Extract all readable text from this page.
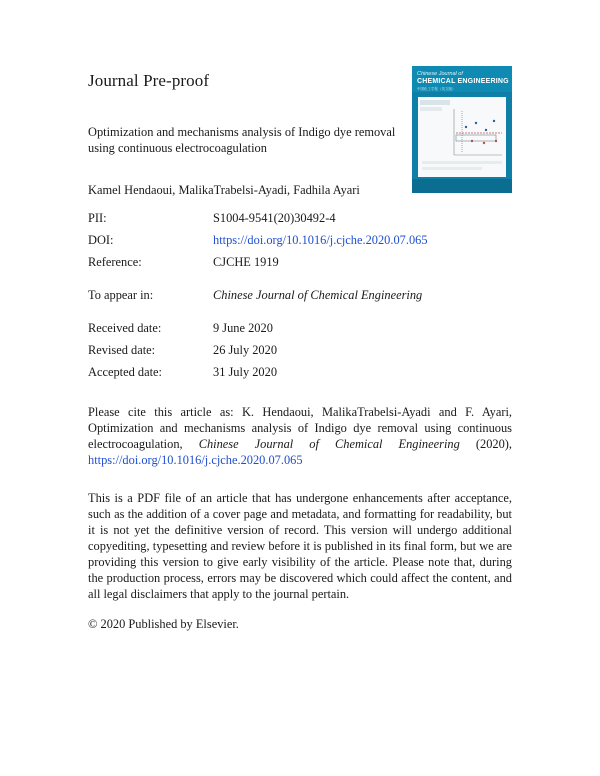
Journal Pre-proof
Optimization and mechanisms analysis of Indigo dye removal using continuous electrocoagulation
Kamel Hendaoui, MalikaTrabelsi-Ayadi, Fadhila Ayari
Chinese Journal of
CHEMICAL ENGINEERING
中国化工学报（英文版）
PII:	S1004-9541(20)30492-4
DOI:	https://doi.org/10.1016/j.cjche.2020.07.065
Reference:	CJCHE 1919
To appear in:	Chinese Journal of Chemical Engineering
Received date:	9 June 2020
Revised date:	26 July 2020
Accepted date:	31 July 2020
Please cite this article as: K. Hendaoui, MalikaTrabelsi-Ayadi and F. Ayari, Optimization and mechanisms analysis of Indigo dye removal using continuous electrocoagulation, Chinese Journal of Chemical Engineering (2020), https://doi.org/10.1016/j.cjche.2020.07.065
This is a PDF file of an article that has undergone enhancements after acceptance, such as the addition of a cover page and metadata, and formatting for readability, but it is not yet the definitive version of record. This version will undergo additional copyediting, typesetting and review before it is published in its final form, but we are providing this version to give early visibility of the article. Please note that, during the production process, errors may be discovered which could affect the content, and all legal disclaimers that apply to the journal pertain.
© 2020 Published by Elsevier.
